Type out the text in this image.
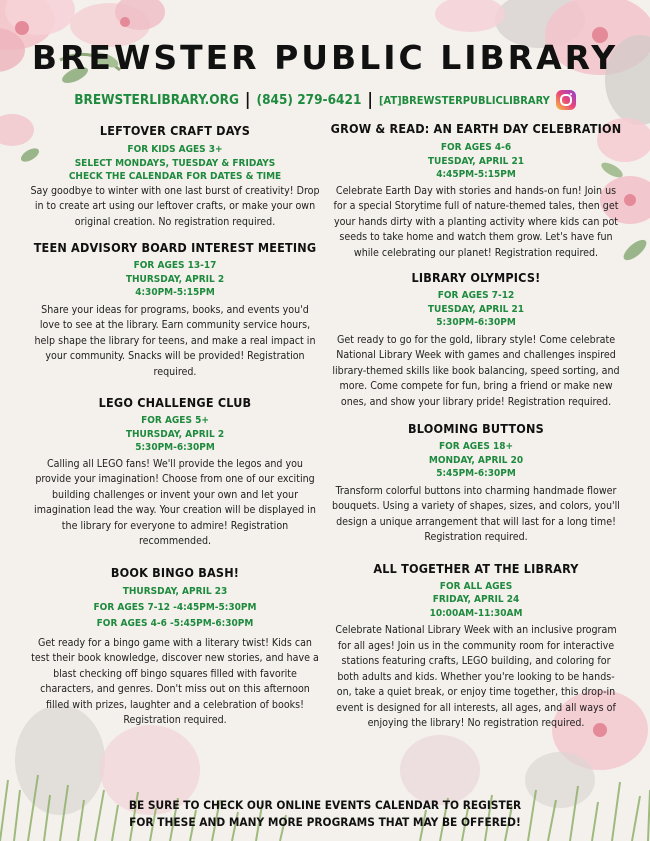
BREWSTER PUBLIC LIBRARY
BREWSTERLIBRARY.ORG | (845) 279-6421 | [AT]BREWSTERPUBLICLIBRARY
LEFTOVER CRAFT DAYS
FOR KIDS AGES 3+
SELECT MONDAYS, TUESDAY & FRIDAYS
CHECK THE CALENDAR FOR DATES & TIME

Say goodbye to winter with one last burst of creativity! Drop in to create art using our leftover crafts, or make your own original creation. No registration required.

TEEN ADVISORY BOARD INTEREST MEETING
FOR AGES 13-17
THURSDAY, APRIL 2
4:30PM-5:15PM

Share your ideas for programs, books, and events you'd love to see at the library. Earn community service hours, help shape the library for teens, and make a real impact in your community. Snacks will be provided! Registration required.

LEGO CHALLENGE CLUB
FOR AGES 5+
THURSDAY, APRIL 2
5:30PM-6:30PM

Calling all LEGO fans! We'll provide the legos and you provide your imagination! Choose from one of our exciting building challenges or invent your own and let your imagination lead the way. Your creation will be displayed in the library for everyone to admire! Registration recommended.

BOOK BINGO BASH!
THURSDAY, APRIL 23
FOR AGES 7-12 -4:45PM-5:30PM
FOR AGES 4-6 -5:45PM-6:30PM

Get ready for a bingo game with a literary twist! Kids can test their book knowledge, discover new stories, and have a blast checking off bingo squares filled with favorite characters, and genres. Don't miss out on this afternoon filled with prizes, laughter and a celebration of books! Registration required.

GROW & READ: AN EARTH DAY CELEBRATION
FOR AGES 4-6
TUESDAY, APRIL 21
4:45PM-5:15PM

Celebrate Earth Day with stories and hands-on fun! Join us for a special Storytime full of nature-themed tales, then get your hands dirty with a planting activity where kids can pot seeds to take home and watch them grow. Let's have fun while celebrating our planet! Registration required.

LIBRARY OLYMPICS!
FOR AGES 7-12
TUESDAY, APRIL 21
5:30PM-6:30PM

Get ready to go for the gold, library style! Come celebrate National Library Week with games and challenges inspired library-themed skills like book balancing, speed sorting, and more. Come compete for fun, bring a friend or make new ones, and show your library pride! Registration required.

BLOOMING BUTTONS
FOR AGES 18+
MONDAY, APRIL 20
5:45PM-6:30PM

Transform colorful buttons into charming handmade flower bouquets. Using a variety of shapes, sizes, and colors, you'll design a unique arrangement that will last for a long time! Registration required.

ALL TOGETHER AT THE LIBRARY
FOR ALL AGES
FRIDAY, APRIL 24
10:00AM-11:30AM

Celebrate National Library Week with an inclusive program for all ages! Join us in the community room for interactive stations featuring crafts, LEGO building, and coloring for both adults and kids. Whether you're looking to be hands-on, take a quiet break, or enjoy time together, this drop-in event is designed for all interests, all ages, and all ways of enjoying the library! No registration required.

BE SURE TO CHECK OUR ONLINE EVENTS CALENDAR TO REGISTER
FOR THESE AND MANY MORE PROGRAMS THAT MAY BE OFFERED!
